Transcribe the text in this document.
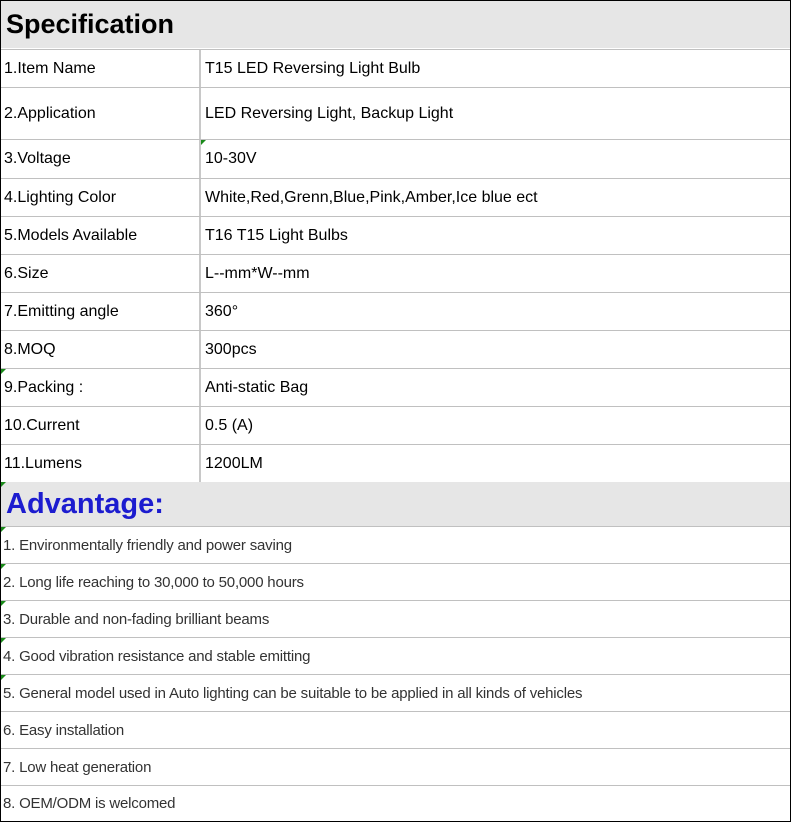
Specification
1.Item Name	T15 LED Reversing Light Bulb
2.Application	LED Reversing Light, Backup Light
3.Voltage	10-30V
4.Lighting Color	White,Red,Grenn,Blue,Pink,Amber,Ice blue ect
5.Models Available	T16 T15 Light Bulbs
6.Size	L--mm*W--mm
7.Emitting angle	360°
8.MOQ	300pcs
9.Packing :	Anti-static Bag
10.Current	0.5 (A)
11.Lumens	1200LM
Advantage:
1. Environmentally friendly and power saving
2. Long life reaching to 30,000 to 50,000 hours
3. Durable and non-fading brilliant beams
4. Good vibration resistance and stable emitting
5. General model used in Auto lighting can be suitable to be applied in all kinds of vehicles
6. Easy installation
7. Low heat generation
8. OEM/ODM is welcomed
